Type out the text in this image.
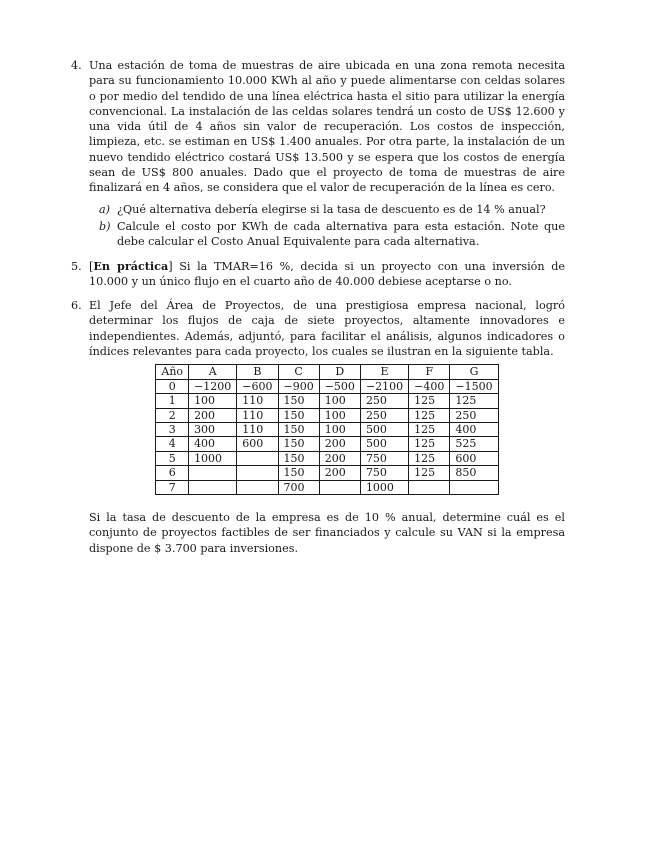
4. Una estación de toma de muestras de aire ubicada en una zona remota necesita para su funcionamiento 10.000 KWh al año y puede alimentarse con celdas solares o por medio del tendido de una línea eléctrica hasta el sitio para utilizar la energía convencional. La instalación de las celdas solares tendrá un costo de US$ 12.600 y una vida útil de 4 años sin valor de recuperación. Los costos de inspección, limpieza, etc. se estiman en US$ 1.400 anuales. Por otra parte, la instalación de un nuevo tendido eléctrico costará US$ 13.500 y se espera que los costos de energía sean de US$ 800 anuales. Dado que el proyecto de toma de muestras de aire finalizará en 4 años, se considera que el valor de recuperación de la línea es cero.

a) ¿Qué alternativa debería elegirse si la tasa de descuento es de 14 % anual?

b) Calcule el costo por KWh de cada alternativa para esta estación. Note que debe calcular el Costo Anual Equivalente para cada alternativa.

5. [En práctica] Si la TMAR=16 %, decida si un proyecto con una inversión de 10.000 y un único flujo en el cuarto año de 40.000 debiese aceptarse o no.

6. El Jefe del Área de Proyectos, de una prestigiosa empresa nacional, logró determinar los flujos de caja de siete proyectos, altamente innovadores e independientes. Además, adjuntó, para facilitar el análisis, algunos indicadores o índices relevantes para cada proyecto, los cuales se ilustran en la siguiente tabla.

Año	A	B	C	D	E	F	G
0	−1200	−600	−900	−500	−2100	−400	−1500
1	100	110	150	100	250	125	125
2	200	110	150	100	250	125	250
3	300	110	150	100	500	125	400
4	400	600	150	200	500	125	525
5	1000		150	200	750	125	600
6			150	200	750	125	850
7			700		1000		

Si la tasa de descuento de la empresa es de 10 % anual, determine cuál es el conjunto de proyectos factibles de ser financiados y calcule su VAN si la empresa dispone de $ 3.700 para inversiones.
